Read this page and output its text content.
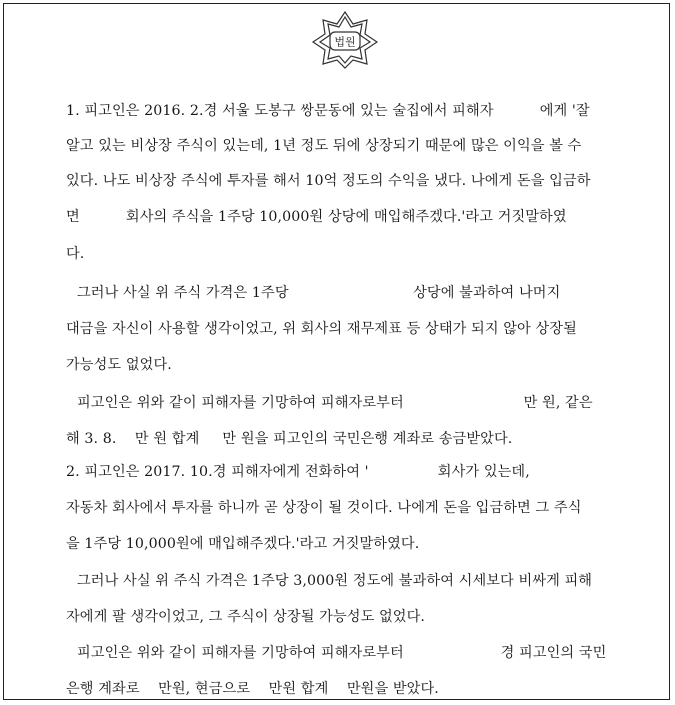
법원
1. 피고인은 2016. 2.경 서울 도봉구 쌍문동에 있는 술집에서 피해자          에게 '잘
알고 있는 비상장 주식이 있는데, 1년 정도 뒤에 상장되기 때문에 많은 이익을 볼 수
있다. 나도 비상장 주식에 투자를 해서 10억 정도의 수익을 냈다. 나에게 돈을 입금하
면          회사의 주식을 1주당 10,000원 상당에 매입해주겠다.'라고 거짓말하였
다.
그러나 사실 위 주식 가격은 1주당                           상당에 불과하여 나머지
대금을 자신이 사용할 생각이었고, 위 회사의 재무제표 등 상태가 되지 않아 상장될
가능성도 없었다.
피고인은 위와 같이 피해자를 기망하여 피해자로부터                          만 원, 같은
해 3. 8.    만 원 합계     만 원을 피고인의 국민은행 계좌로 송금받았다.
2. 피고인은 2017. 10.경 피해자에게 전화하여 '               회사가 있는데,
자동차 회사에서 투자를 하니까 곧 상장이 될 것이다. 나에게 돈을 입금하면 그 주식
을 1주당 10,000원에 매입해주겠다.'라고 거짓말하였다.
그러나 사실 위 주식 가격은 1주당 3,000원 정도에 불과하여 시세보다 비싸게 피해
자에게 팔 생각이었고, 그 주식이 상장될 가능성도 없었다.
피고인은 위와 같이 피해자를 기망하여 피해자로부터                     경 피고인의 국민
은행 계좌로    만원, 현금으로    만원 합계    만원을 받았다.
